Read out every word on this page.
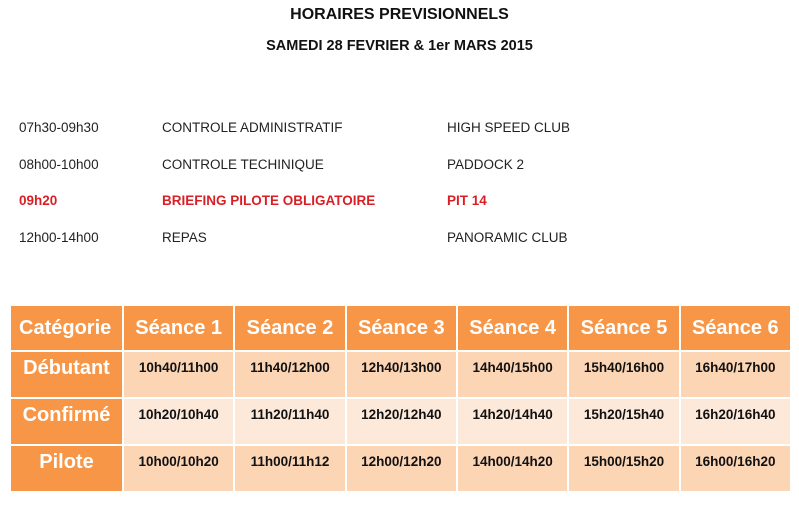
HORAIRES PREVISIONNELS
SAMEDI 28 FEVRIER & 1er MARS 2015
07h30-09h30	CONTROLE ADMINISTRATIF	HIGH SPEED CLUB
08h00-10h00	CONTROLE TECHINIQUE	PADDOCK 2
09h20	BRIEFING PILOTE OBLIGATOIRE	PIT 14
12h00-14h00	REPAS	PANORAMIC CLUB
Catégorie	Séance 1	Séance 2	Séance 3	Séance 4	Séance 5	Séance 6
Débutant	10h40/11h00	11h40/12h00	12h40/13h00	14h40/15h00	15h40/16h00	16h40/17h00
Confirmé	10h20/10h40	11h20/11h40	12h20/12h40	14h20/14h40	15h20/15h40	16h20/16h40
Pilote	10h00/10h20	11h00/11h12	12h00/12h20	14h00/14h20	15h00/15h20	16h00/16h20
